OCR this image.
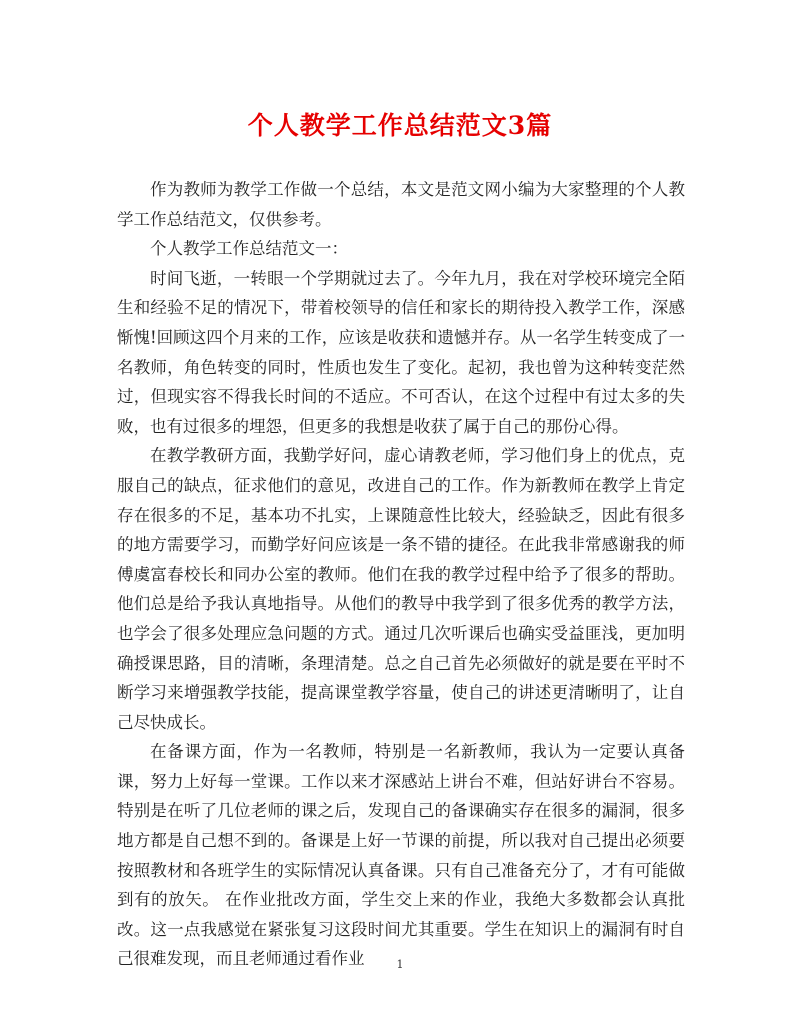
个人教学工作总结范文3篇

作为教师为教学工作做一个总结，本文是范文网小编为大家整理的个人教学工作总结范文，仅供参考。

个人教学工作总结范文一：

时间飞逝，一转眼一个学期就过去了。今年九月，我在对学校环境完全陌生和经验不足的情况下，带着校领导的信任和家长的期待投入教学工作，深感惭愧!回顾这四个月来的工作，应该是收获和遗憾并存。从一名学生转变成了一名教师，角色转变的同时，性质也发生了变化。起初，我也曾为这种转变茫然过，但现实容不得我长时间的不适应。不可否认，在这个过程中有过太多的失败，也有过很多的埋怨，但更多的我想是收获了属于自己的那份心得。

在教学教研方面，我勤学好问，虚心请教老师，学习他们身上的优点，克服自己的缺点，征求他们的意见，改进自己的工作。作为新教师在教学上肯定存在很多的不足，基本功不扎实，上课随意性比较大，经验缺乏，因此有很多的地方需要学习，而勤学好问应该是一条不错的捷径。在此我非常感谢我的师傅虞富春校长和同办公室的教师。他们在我的教学过程中给予了很多的帮助。他们总是给予我认真地指导。从他们的教导中我学到了很多优秀的教学方法，也学会了很多处理应急问题的方式。通过几次听课后也确实受益匪浅，更加明确授课思路，目的清晰，条理清楚。总之自己首先必须做好的就是要在平时不断学习来增强教学技能，提高课堂教学容量，使自己的讲述更清晰明了，让自己尽快成长。

在备课方面，作为一名教师，特别是一名新教师，我认为一定要认真备课，努力上好每一堂课。工作以来才深感站上讲台不难，但站好讲台不容易。特别是在听了几位老师的课之后，发现自己的备课确实存在很多的漏洞，很多地方都是自己想不到的。备课是上好一节课的前提，所以我对自己提出必须要按照教材和各班学生的实际情况认真备课。只有自己准备充分了，才有可能做到有的放矢。 在作业批改方面，学生交上来的作业，我绝大多数都会认真批改。这一点我感觉在紧张复习这段时间尤其重要。学生在知识上的漏洞有时自己很难发现，而且老师通过看作业	1
